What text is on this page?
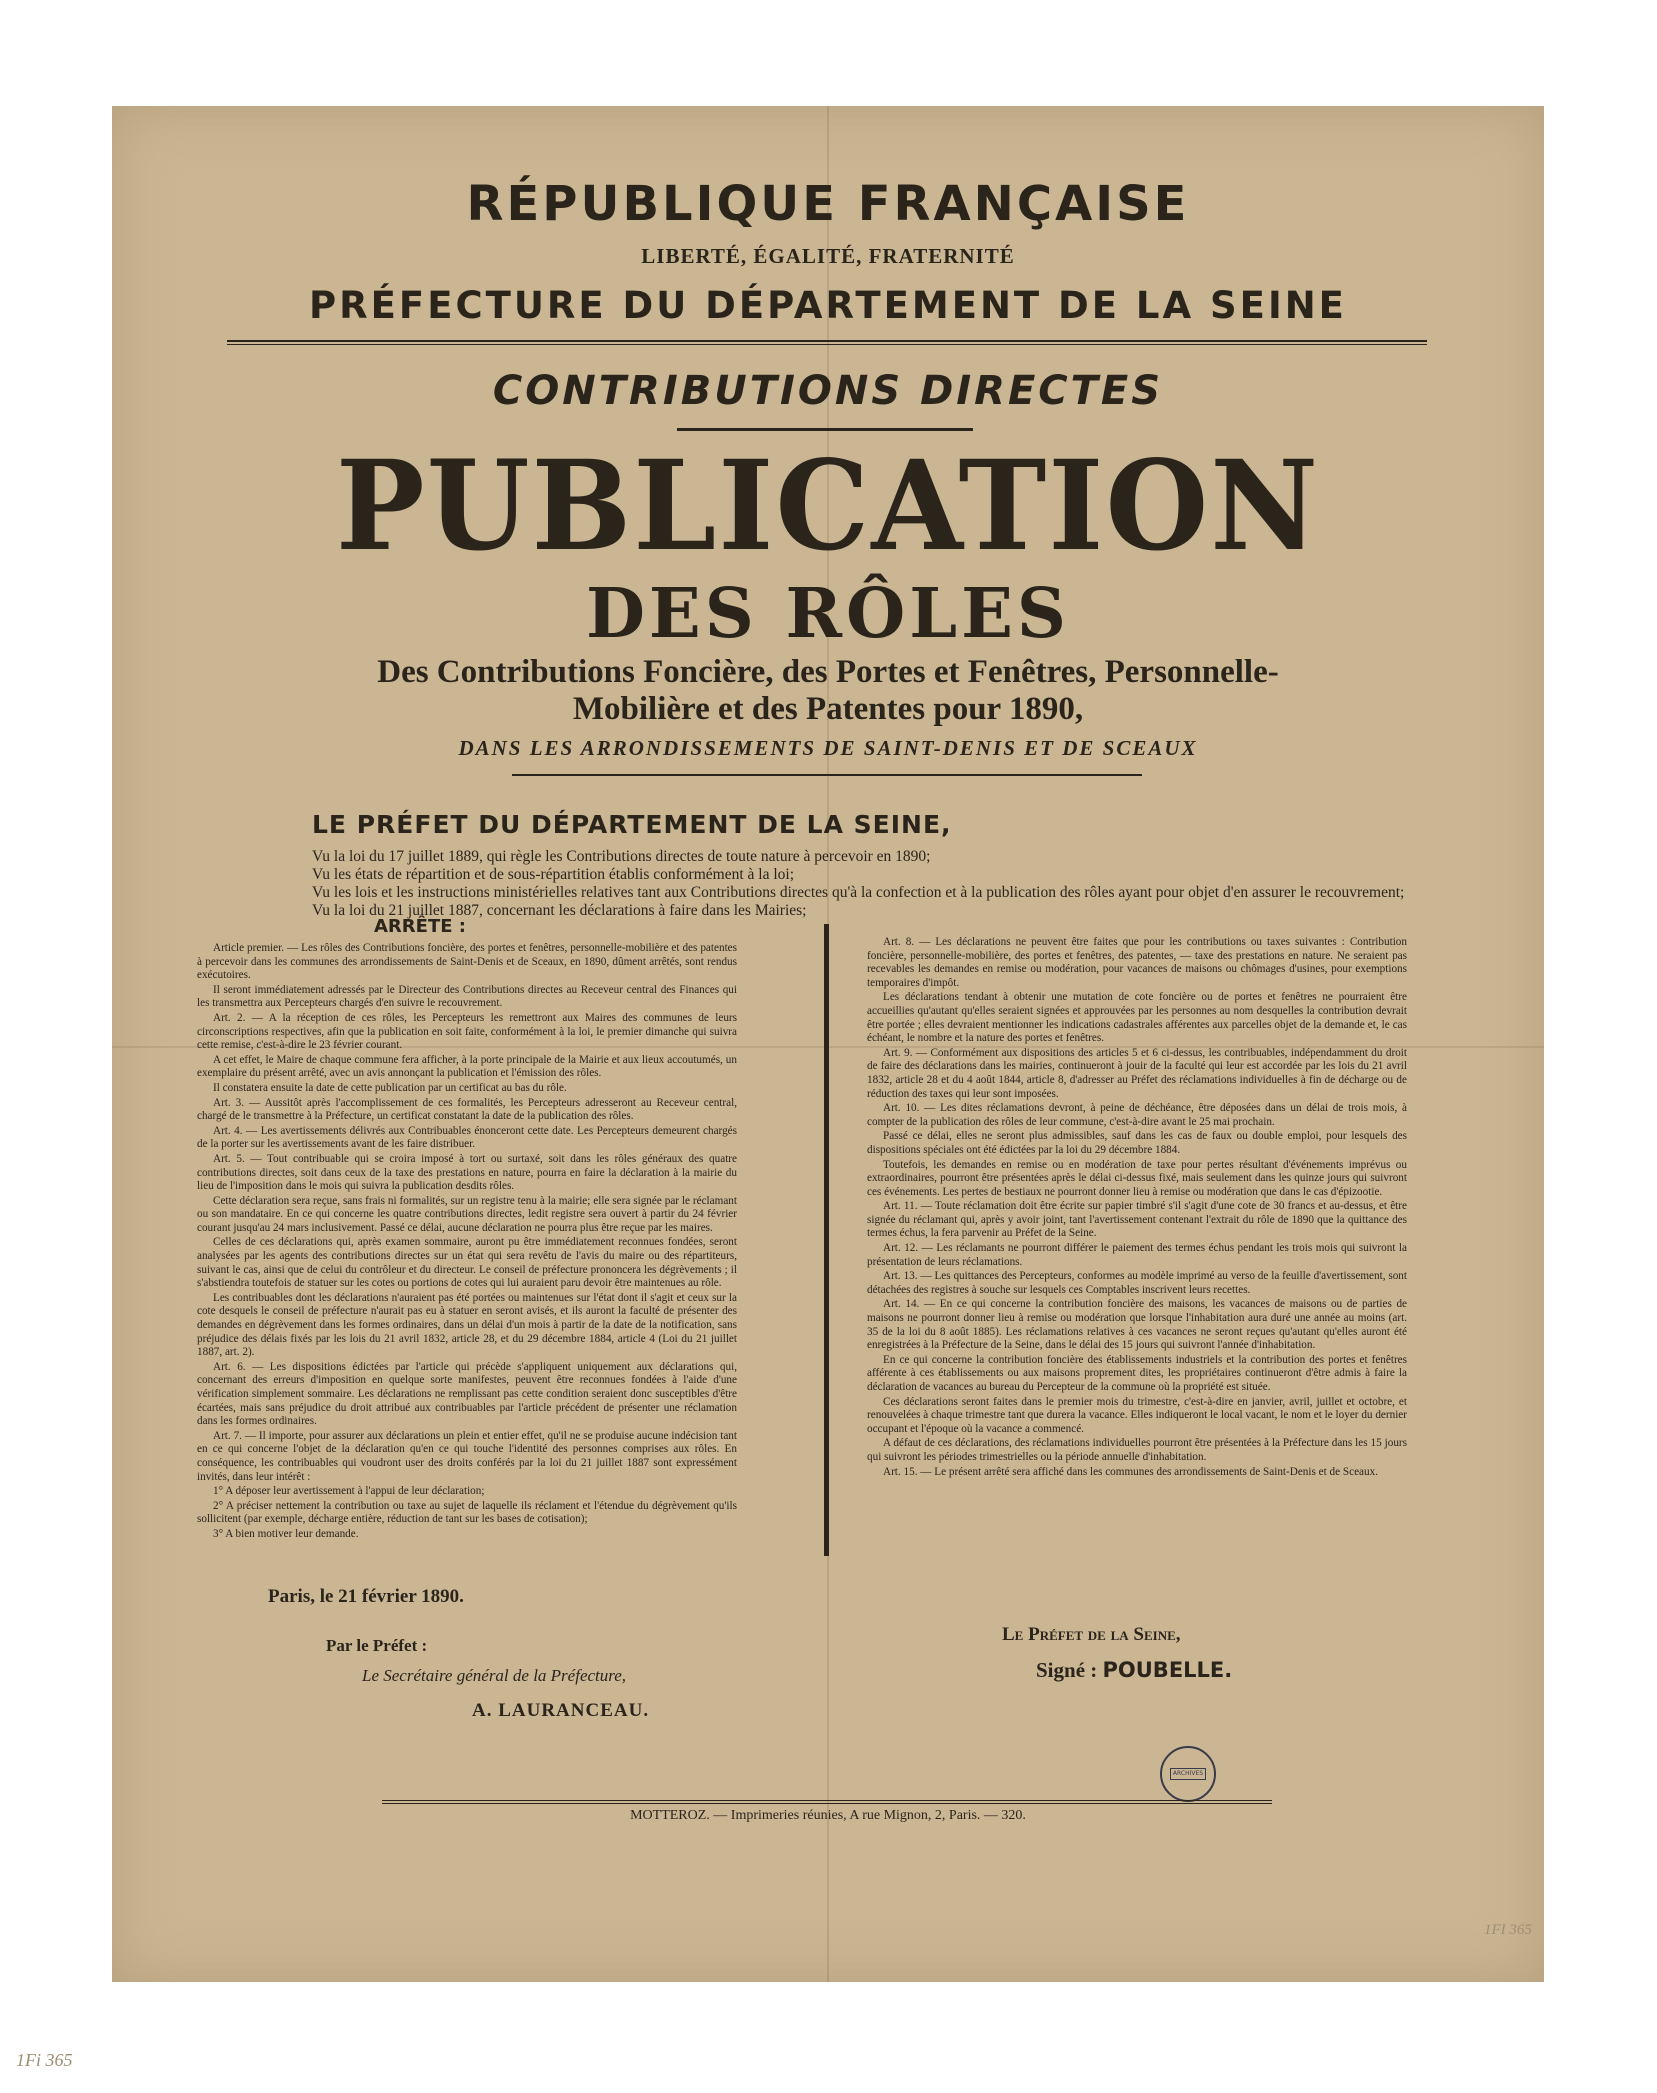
RÉPUBLIQUE FRANÇAISE
LIBERTÉ, ÉGALITÉ, FRATERNITÉ
PRÉFECTURE DU DÉPARTEMENT DE LA SEINE
CONTRIBUTIONS DIRECTES
PUBLICATION
DES RÔLES
Des Contributions Foncière, des Portes et Fenêtres, Personnelle-
Mobilière et des Patentes pour 1890,
DANS LES ARRONDISSEMENTS DE SAINT-DENIS ET DE SCEAUX
LE PRÉFET DU DÉPARTEMENT DE LA SEINE,
Vu la loi du 17 juillet 1889, qui règle les Contributions directes de toute nature à percevoir en 1890;
Vu les états de répartition et de sous-répartition établis conformément à la loi;
Vu les lois et les instructions ministérielles relatives tant aux Contributions directes qu'à la confection et à la publication des rôles ayant pour objet d'en assurer le recouvrement;
Vu la loi du 21 juillet 1887, concernant les déclarations à faire dans les Mairies;
ARRÊTE :

Article premier. — Les rôles des Contributions foncière, des portes et fenêtres, personnelle-mobilière et des patentes à percevoir dans les communes des arrondissements de Saint-Denis et de Sceaux, en 1890, dûment arrêtés, sont rendus exécutoires.

Il seront immédiatement adressés par le Directeur des Contributions directes au Receveur central des Finances qui les transmettra aux Percepteurs chargés d'en suivre le recouvrement.

Art. 2. — A la réception de ces rôles, les Percepteurs les remettront aux Maires des communes de leurs circonscriptions respectives, afin que la publication en soit faite, conformément à la loi, le premier dimanche qui suivra cette remise, c'est-à-dire le 23 février courant.

A cet effet, le Maire de chaque commune fera afficher, à la porte principale de la Mairie et aux lieux accoutumés, un exemplaire du présent arrêté, avec un avis annonçant la publication et l'émission des rôles.

Il constatera ensuite la date de cette publication par un certificat au bas du rôle.

Art. 3. — Aussitôt après l'accomplissement de ces formalités, les Percepteurs adresseront au Receveur central, chargé de le transmettre à la Préfecture, un certificat constatant la date de la publication des rôles.

Art. 4. — Les avertissements délivrés aux Contribuables énonceront cette date. Les Percepteurs demeurent chargés de la porter sur les avertissements avant de les faire distribuer.

Art. 5. — Tout contribuable qui se croira imposé à tort ou surtaxé, soit dans les rôles généraux des quatre contributions directes, soit dans ceux de la taxe des prestations en nature, pourra en faire la déclaration à la mairie du lieu de l'imposition dans le mois qui suivra la publication desdits rôles.

Cette déclaration sera reçue, sans frais ni formalités, sur un registre tenu à la mairie; elle sera signée par le réclamant ou son mandataire. En ce qui concerne les quatre contributions directes, ledit registre sera ouvert à partir du 24 février courant jusqu'au 24 mars inclusivement. Passé ce délai, aucune déclaration ne pourra plus être reçue par les maires.

Celles de ces déclarations qui, après examen sommaire, auront pu être immédiatement reconnues fondées, seront analysées par les agents des contributions directes sur un état qui sera revêtu de l'avis du maire ou des répartiteurs, suivant le cas, ainsi que de celui du contrôleur et du directeur. Le conseil de préfecture prononcera les dégrèvements ; il s'abstiendra toutefois de statuer sur les cotes ou portions de cotes qui lui auraient paru devoir être maintenues au rôle.

Les contribuables dont les déclarations n'auraient pas été portées ou maintenues sur l'état dont il s'agit et ceux sur la cote desquels le conseil de préfecture n'aurait pas eu à statuer en seront avisés, et ils auront la faculté de présenter des demandes en dégrèvement dans les formes ordinaires, dans un délai d'un mois à partir de la date de la notification, sans préjudice des délais fixés par les lois du 21 avril 1832, article 28, et du 29 décembre 1884, article 4 (Loi du 21 juillet 1887, art. 2).

Art. 6. — Les dispositions édictées par l'article qui précède s'appliquent uniquement aux déclarations qui, concernant des erreurs d'imposition en quelque sorte manifestes, peuvent être reconnues fondées à l'aide d'une vérification simplement sommaire. Les déclarations ne remplissant pas cette condition seraient donc susceptibles d'être écartées, mais sans préjudice du droit attribué aux contribuables par l'article précédent de présenter une réclamation dans les formes ordinaires.

Art. 7. — Il importe, pour assurer aux déclarations un plein et entier effet, qu'il ne se produise aucune indécision tant en ce qui concerne l'objet de la déclaration qu'en ce qui touche l'identité des personnes comprises aux rôles. En conséquence, les contribuables qui voudront user des droits conférés par la loi du 21 juillet 1887 sont expressément invités, dans leur intérêt :

1° A déposer leur avertissement à l'appui de leur déclaration;

2° A préciser nettement la contribution ou taxe au sujet de laquelle ils réclament et l'étendue du dégrèvement qu'ils sollicitent (par exemple, décharge entière, réduction de tant sur les bases de cotisation);

3° A bien motiver leur demande.

Art. 8. — Les déclarations ne peuvent être faites que pour les contributions ou taxes suivantes : Contribution foncière, personnelle-mobilière, des portes et fenêtres, des patentes, — taxe des prestations en nature. Ne seraient pas recevables les demandes en remise ou modération, pour vacances de maisons ou chômages d'usines, pour exemptions temporaires d'impôt.

Les déclarations tendant à obtenir une mutation de cote foncière ou de portes et fenêtres ne pourraient être accueillies qu'autant qu'elles seraient signées et approuvées par les personnes au nom desquelles la contribution devrait être portée ; elles devraient mentionner les indications cadastrales afférentes aux parcelles objet de la demande et, le cas échéant, le nombre et la nature des portes et fenêtres.

Art. 9. — Conformément aux dispositions des articles 5 et 6 ci-dessus, les contribuables, indépendamment du droit de faire des déclarations dans les mairies, continueront à jouir de la faculté qui leur est accordée par les lois du 21 avril 1832, article 28 et du 4 août 1844, article 8, d'adresser au Préfet des réclamations individuelles à fin de décharge ou de réduction des taxes qui leur sont imposées.

Art. 10. — Les dites réclamations devront, à peine de déchéance, être déposées dans un délai de trois mois, à compter de la publication des rôles de leur commune, c'est-à-dire avant le 25 mai prochain.

Passé ce délai, elles ne seront plus admissibles, sauf dans les cas de faux ou double emploi, pour lesquels des dispositions spéciales ont été édictées par la loi du 29 décembre 1884.

Toutefois, les demandes en remise ou en modération de taxe pour pertes résultant d'événements imprévus ou extraordinaires, pourront être présentées après le délai ci-dessus fixé, mais seulement dans les quinze jours qui suivront ces événements. Les pertes de bestiaux ne pourront donner lieu à remise ou modération que dans le cas d'épizootie.

Art. 11. — Toute réclamation doit être écrite sur papier timbré s'il s'agit d'une cote de 30 francs et au-dessus, et être signée du réclamant qui, après y avoir joint, tant l'avertissement contenant l'extrait du rôle de 1890 que la quittance des termes échus, la fera parvenir au Préfet de la Seine.

Art. 12. — Les réclamants ne pourront différer le paiement des termes échus pendant les trois mois qui suivront la présentation de leurs réclamations.

Art. 13. — Les quittances des Percepteurs, conformes au modèle imprimé au verso de la feuille d'avertissement, sont détachées des registres à souche sur lesquels ces Comptables inscrivent leurs recettes.

Art. 14. — En ce qui concerne la contribution foncière des maisons, les vacances de maisons ou de parties de maisons ne pourront donner lieu à remise ou modération que lorsque l'inhabitation aura duré une année au moins (art. 35 de la loi du 8 août 1885). Les réclamations relatives à ces vacances ne seront reçues qu'autant qu'elles auront été enregistrées à la Préfecture de la Seine, dans le délai des 15 jours qui suivront l'année d'inhabitation.

En ce qui concerne la contribution foncière des établissements industriels et la contribution des portes et fenêtres afférente à ces établissements ou aux maisons proprement dites, les propriétaires continueront d'être admis à faire la déclaration de vacances au bureau du Percepteur de la commune où la propriété est située.

Ces déclarations seront faites dans le premier mois du trimestre, c'est-à-dire en janvier, avril, juillet et octobre, et renouvelées à chaque trimestre tant que durera la vacance. Elles indiqueront le local vacant, le nom et le loyer du dernier occupant et l'époque où la vacance a commencé.

A défaut de ces déclarations, des réclamations individuelles pourront être présentées à la Préfecture dans les 15 jours qui suivront les périodes trimestrielles ou la période annuelle d'inhabitation.

Art. 15. — Le présent arrêté sera affiché dans les communes des arrondissements de Saint-Denis et de Sceaux.

Paris, le 21 février 1890.
Par le Préfet :
Le Secrétaire général de la Préfecture,
A. LAURANCEAU.
Le Préfet de la Seine,
Signé : POUBELLE.
ARCHIVES
MOTTEROZ. — Imprimeries réunies, A rue Mignon, 2, Paris. — 320.
1FI 365
1Fi 365
